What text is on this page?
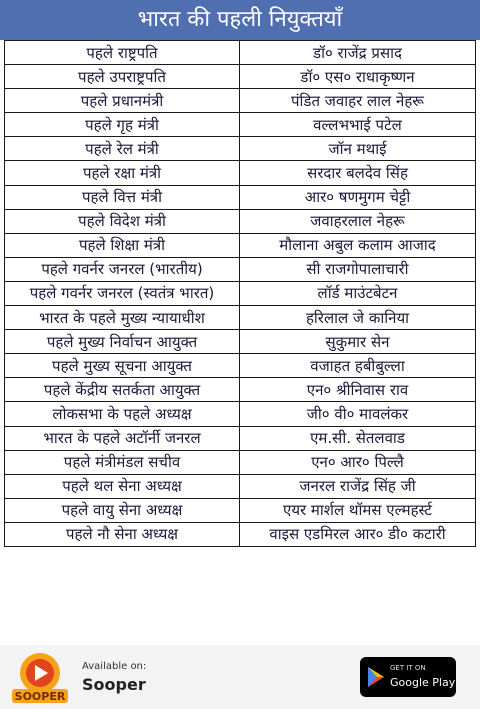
भारत की पहली नियुक्तयाँ
पहले राष्ट्रपति	डॉ० राजेंद्र प्रसाद
पहले उपराष्ट्रपति	डॉ० एस० राधाकृष्णन
पहले प्रधानमंत्री	पंडित जवाहर लाल नेहरू
पहले गृह मंत्री	वल्लभभाई पटेल
पहले रेल मंत्री	जॉन मथाई
पहले रक्षा मंत्री	सरदार बलदेव सिंह
पहले वित्त मंत्री	आर० षणमुगम चेट्टी
पहले विदेश मंत्री	जवाहरलाल नेहरू
पहले शिक्षा मंत्री	मौलाना अबुल कलाम आजाद
पहले गवर्नर जनरल (भारतीय)	सी राजगोपालाचारी
पहले गवर्नर जनरल (स्वतंत्र भारत)	लॉर्ड माउंटबेटन
भारत के पहले मुख्य न्यायाधीश	हरिलाल जे कानिया
पहले मुख्य निर्वाचन आयुक्त	सुकुमार सेन
पहले मुख्य सूचना आयुक्त	वजाहत हबीबुल्ला
पहले केंद्रीय सतर्कता आयुक्त	एन० श्रीनिवास राव
लोकसभा के पहले अध्यक्ष	जी० वी० मावलंकर
भारत के पहले अटॉर्नी जनरल	एम.सी. सेतलवाड
पहले मंत्रीमंडल सचीव	एन० आर० पिल्लै
पहले थल सेना अध्यक्ष	जनरल राजेंद्र सिंह जी
पहले वायु सेना अध्यक्ष	एयर मार्शल थॉमस एल्महर्स्ट
पहले नौ सेना अध्यक्ष	वाइस एडमिरल आर० डी० कटारी
SOOPER
Available on:
Sooper
GET IT ON
Google Play
